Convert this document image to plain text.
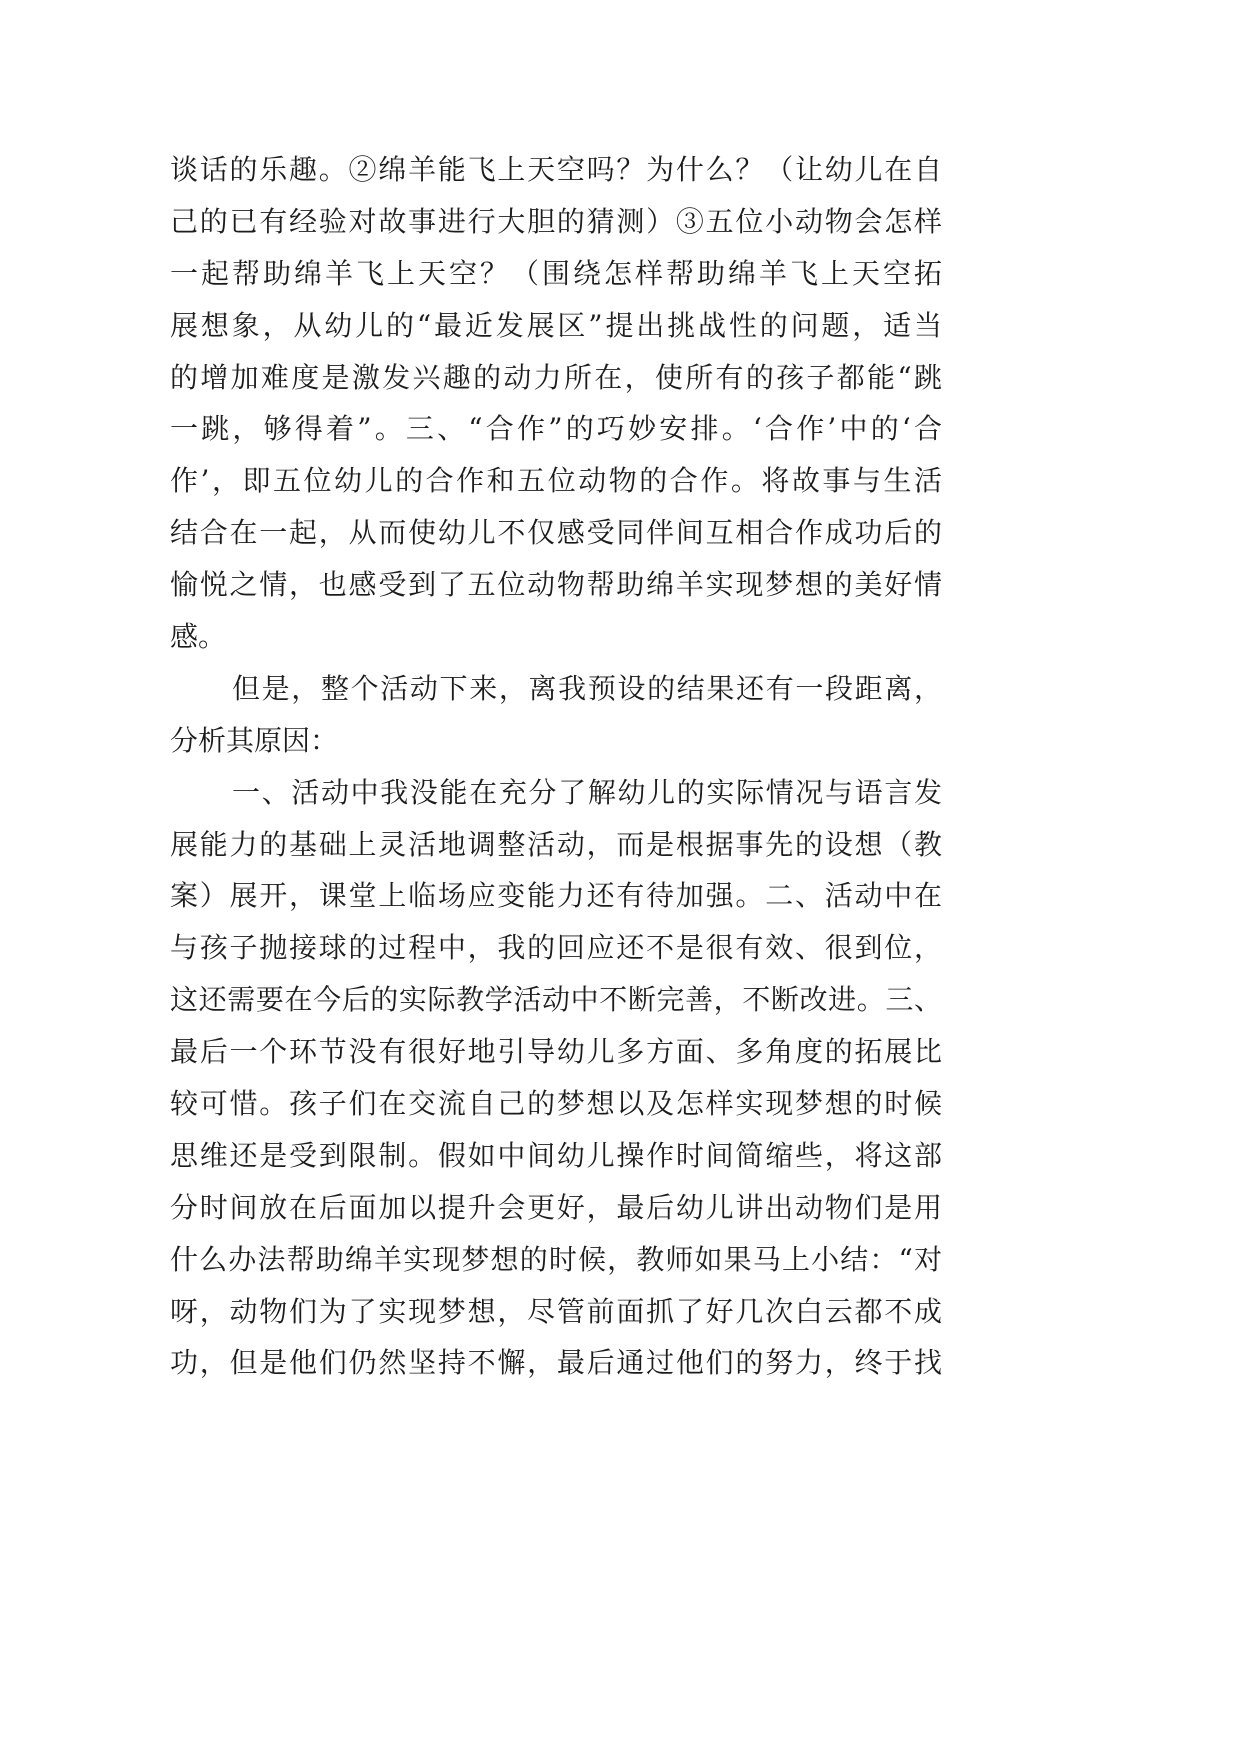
谈话的乐趣。②绵羊能飞上天空吗？为什么？（让幼儿在自
己的已有经验对故事进行大胆的猜测）③五位小动物会怎样
一起帮助绵羊飞上天空？（围绕怎样帮助绵羊飞上天空拓
展想象，从幼儿的“最近发展区”提出挑战性的问题，适当
的增加难度是激发兴趣的动力所在，使所有的孩子都能“跳
一跳，够得着”。三、“合作”的巧妙安排。‘合作’中的‘合
作’，即五位幼儿的合作和五位动物的合作。将故事与生活
结合在一起，从而使幼儿不仅感受同伴间互相合作成功后的
愉悦之情，也感受到了五位动物帮助绵羊实现梦想的美好情
感。
但是，整个活动下来，离我预设的结果还有一段距离，
分析其原因：
一、活动中我没能在充分了解幼儿的实际情况与语言发
展能力的基础上灵活地调整活动，而是根据事先的设想（教
案）展开，课堂上临场应变能力还有待加强。二、活动中在
与孩子抛接球的过程中，我的回应还不是很有效、很到位，
这还需要在今后的实际教学活动中不断完善，不断改进。三、
最后一个环节没有很好地引导幼儿多方面、多角度的拓展比
较可惜。孩子们在交流自己的梦想以及怎样实现梦想的时候
思维还是受到限制。假如中间幼儿操作时间简缩些，将这部
分时间放在后面加以提升会更好，最后幼儿讲出动物们是用
什么办法帮助绵羊实现梦想的时候，教师如果马上小结：“对
呀，动物们为了实现梦想，尽管前面抓了好几次白云都不成
功，但是他们仍然坚持不懈，最后通过他们的努力，终于找
